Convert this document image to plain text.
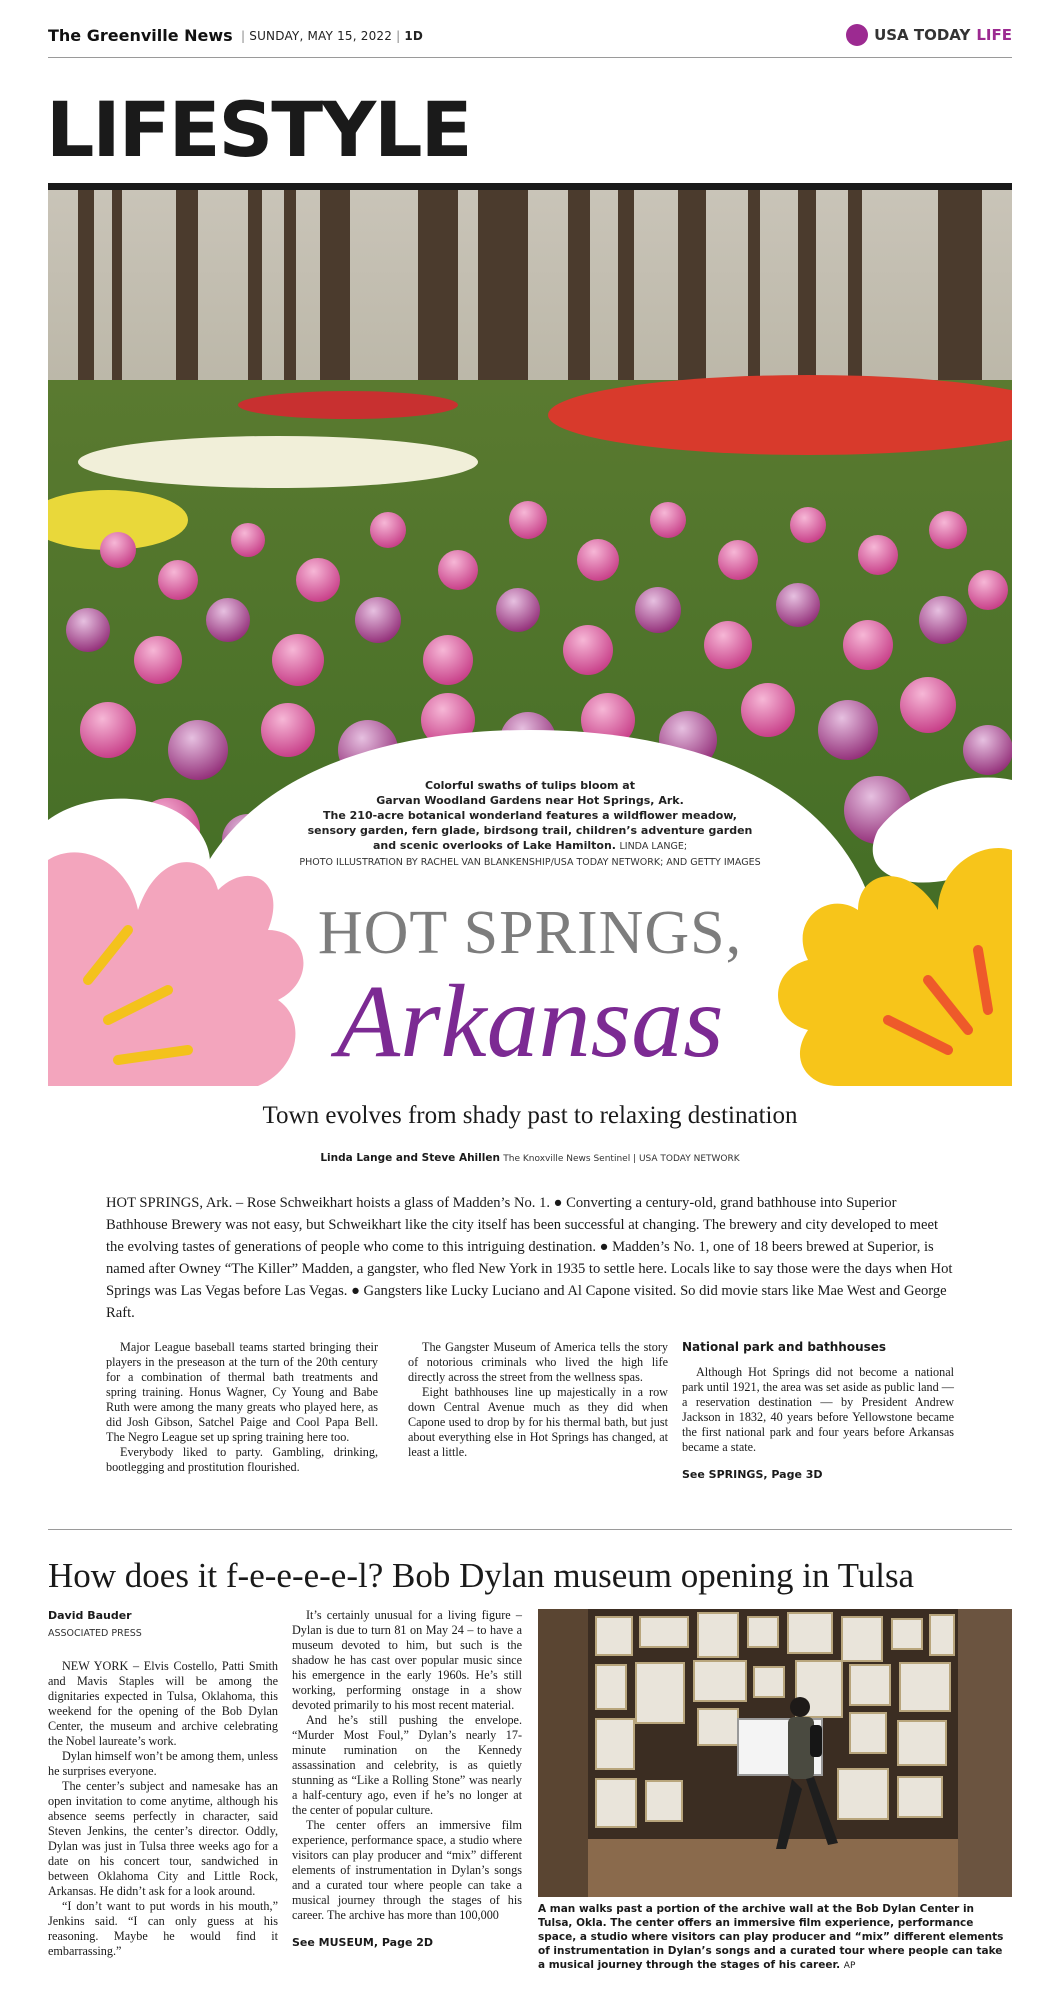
The Greenville News | SUNDAY, MAY 15, 2022 | 1D	USA TODAY LIFE
LIFESTYLE
Colorful swaths of tulips bloom at
Garvan Woodland Gardens near Hot Springs, Ark.
The 210-acre botanical wonderland features a wildflower meadow,
sensory garden, fern glade, birdsong trail, children’s adventure garden
and scenic overlooks of Lake Hamilton. LINDA LANGE;
PHOTO ILLUSTRATION BY RACHEL VAN BLANKENSHIP/USA TODAY NETWORK; AND GETTY IMAGES
HOT SPRINGS,
Arkansas
Town evolves from shady past to relaxing destination
Linda Lange and Steve Ahillen The Knoxville News Sentinel | USA TODAY NETWORK
HOT SPRINGS, Ark. – Rose Schweikhart hoists a glass of Madden’s No. 1. ● Converting a century-old, grand bathhouse into Superior Bathhouse Brewery was not easy, but Schweikhart like the city itself has been successful at changing. The brewery and city developed to meet the evolving tastes of generations of people who come to this intriguing destination. ● Madden’s No. 1, one of 18 beers brewed at Superior, is named after Owney “The Killer” Madden, a gangster, who fled New York in 1935 to settle here. Locals like to say those were the days when Hot Springs was Las Vegas before Las Vegas. ● Gangsters like Lucky Luciano and Al Capone visited. So did movie stars like Mae West and George Raft.

Major League baseball teams started bringing their players in the preseason at the turn of the 20th century for a combination of thermal bath treatments and spring training. Honus Wagner, Cy Young and Babe Ruth were among the many greats who played here, as did Josh Gibson, Satchel Paige and Cool Papa Bell. The Negro League set up spring training here too.

Everybody liked to party. Gambling, drinking, bootlegging and prostitution flourished.

The Gangster Museum of America tells the story of notorious criminals who lived the high life directly across the street from the wellness spas.

Eight bathhouses line up majestically in a row down Central Avenue much as they did when Capone used to drop by for his thermal bath, but just about everything else in Hot Springs has changed, at least a little.

National park and bathhouses

Although Hot Springs did not become a national park until 1921, the area was set aside as public land — a reservation destination — by President Andrew Jackson in 1832, 40 years before Yellowstone became the first national park and four years before Arkansas became a state.

See SPRINGS, Page 3D

How does it f-e-e-e-e-l? Bob Dylan museum opening in Tulsa
David Bauder
ASSOCIATED PRESS

NEW YORK – Elvis Costello, Patti Smith and Mavis Staples will be among the dignitaries expected in Tulsa, Oklahoma, this weekend for the opening of the Bob Dylan Center, the museum and archive celebrating the Nobel laureate’s work.

Dylan himself won’t be among them, unless he surprises everyone.

The center’s subject and namesake has an open invitation to come anytime, although his absence seems perfectly in character, said Steven Jenkins, the center’s director. Oddly, Dylan was just in Tulsa three weeks ago for a date on his concert tour, sandwiched in between Oklahoma City and Little Rock, Arkansas. He didn’t ask for a look around.

“I don’t want to put words in his mouth,” Jenkins said. “I can only guess at his reasoning. Maybe he would find it embarrassing.”

It’s certainly unusual for a living figure – Dylan is due to turn 81 on May 24 – to have a museum devoted to him, but such is the shadow he has cast over popular music since his emergence in the early 1960s. He’s still working, performing onstage in a show devoted primarily to his most recent material.

And he’s still pushing the envelope. “Murder Most Foul,” Dylan’s nearly 17-minute rumination on the Kennedy assassination and celebrity, is as quietly stunning as “Like a Rolling Stone” was nearly a half-century ago, even if he’s no longer at the center of popular culture.

The center offers an immersive film experience, performance space, a studio where visitors can play producer and “mix” different elements of instrumentation in Dylan’s songs and a curated tour where people can take a musical journey through the stages of his career. The archive has more than 100,000

See MUSEUM, Page 2D

A man walks past a portion of the archive wall at the Bob Dylan Center in Tulsa, Okla. The center offers an immersive film experience, performance space, a studio where visitors can play producer and “mix” different elements of instrumentation in Dylan’s songs and a curated tour where people can take a musical journey through the stages of his career. AP
